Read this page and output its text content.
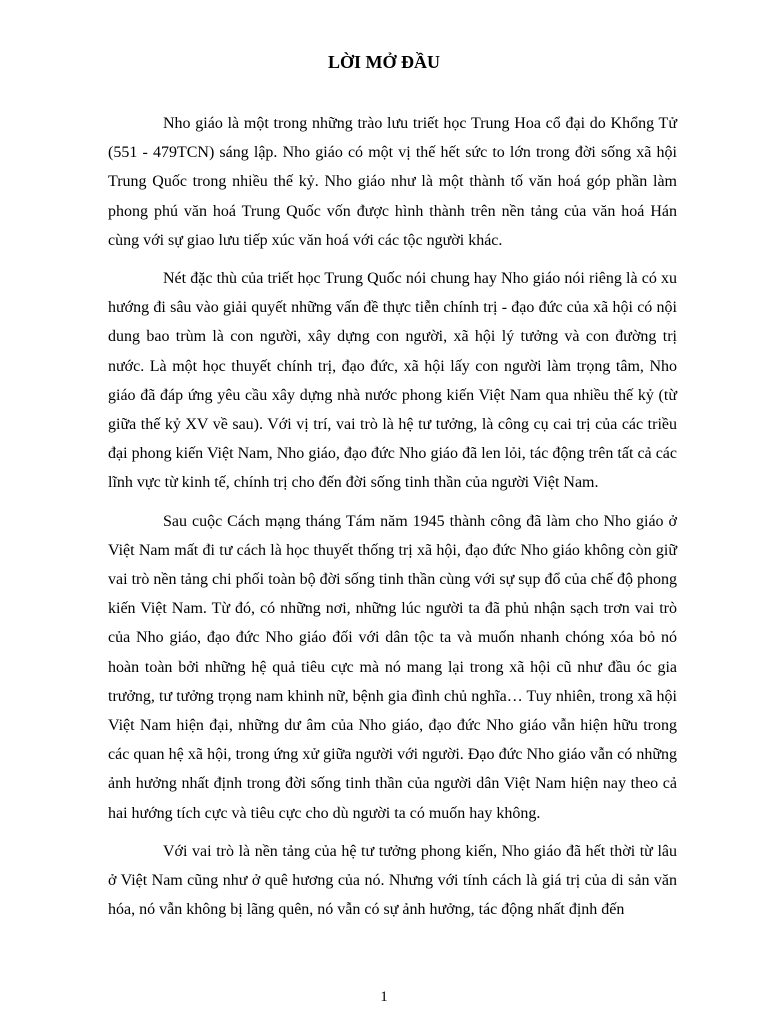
LỜI MỞ ĐẦU

Nho giáo là một trong những trào lưu triết học Trung Hoa cổ đại do Khổng Tử (551 - 479TCN) sáng lập. Nho giáo có một vị thế hết sức to lớn trong đời sống xã hội Trung Quốc trong nhiều thế kỷ. Nho giáo như là một thành tố văn hoá góp phần làm phong phú văn hoá Trung Quốc vốn được hình thành trên nền tảng của văn hoá Hán cùng với sự giao lưu tiếp xúc văn hoá với các tộc người khác.

Nét đặc thù của triết học Trung Quốc nói chung hay Nho giáo nói riêng là có xu hướng đi sâu vào giải quyết những vấn đề thực tiễn chính trị - đạo đức của xã hội có nội dung bao trùm là con người, xây dựng con người, xã hội lý tưởng và con đường trị nước. Là một học thuyết chính trị, đạo đức, xã hội lấy con người làm trọng tâm, Nho giáo đã đáp ứng yêu cầu xây dựng nhà nước phong kiến Việt Nam qua nhiều thế kỷ (từ giữa thế kỷ XV về sau). Với vị trí, vai trò là hệ tư tưởng, là công cụ cai trị của các triều đại phong kiến Việt Nam, Nho giáo, đạo đức Nho giáo đã len lỏi, tác động trên tất cả các lĩnh vực từ kinh tế, chính trị cho đến đời sống tinh thần của người Việt Nam.

Sau cuộc Cách mạng tháng Tám năm 1945 thành công đã làm cho Nho giáo ở Việt Nam mất đi tư cách là học thuyết thống trị xã hội, đạo đức Nho giáo không còn giữ vai trò nền tảng chi phối toàn bộ đời sống tinh thần cùng với sự sụp đổ của chế độ phong kiến Việt Nam. Từ đó, có những nơi, những lúc người ta đã phủ nhận sạch trơn vai trò của Nho giáo, đạo đức Nho giáo đối với dân tộc ta và muốn nhanh chóng xóa bỏ nó hoàn toàn bởi những hệ quả tiêu cực mà nó mang lại trong xã hội cũ như đầu óc gia trưởng, tư tưởng trọng nam khinh nữ, bệnh gia đình chủ nghĩa… Tuy nhiên, trong xã hội Việt Nam hiện đại, những dư âm của Nho giáo, đạo đức Nho giáo vẫn hiện hữu trong các quan hệ xã hội, trong ứng xử giữa người với người. Đạo đức Nho giáo vẫn có những ảnh hưởng nhất định trong đời sống tinh thần của người dân Việt Nam hiện nay theo cả hai hướng tích cực và tiêu cực cho dù người ta có muốn hay không.

Với vai trò là nền tảng của hệ tư tưởng phong kiến, Nho giáo đã hết thời từ lâu ở Việt Nam cũng như ở quê hương của nó. Nhưng với tính cách là giá trị của di sản văn hóa, nó vẫn không bị lãng quên, nó vẫn có sự ảnh hưởng, tác động nhất định đến

1
